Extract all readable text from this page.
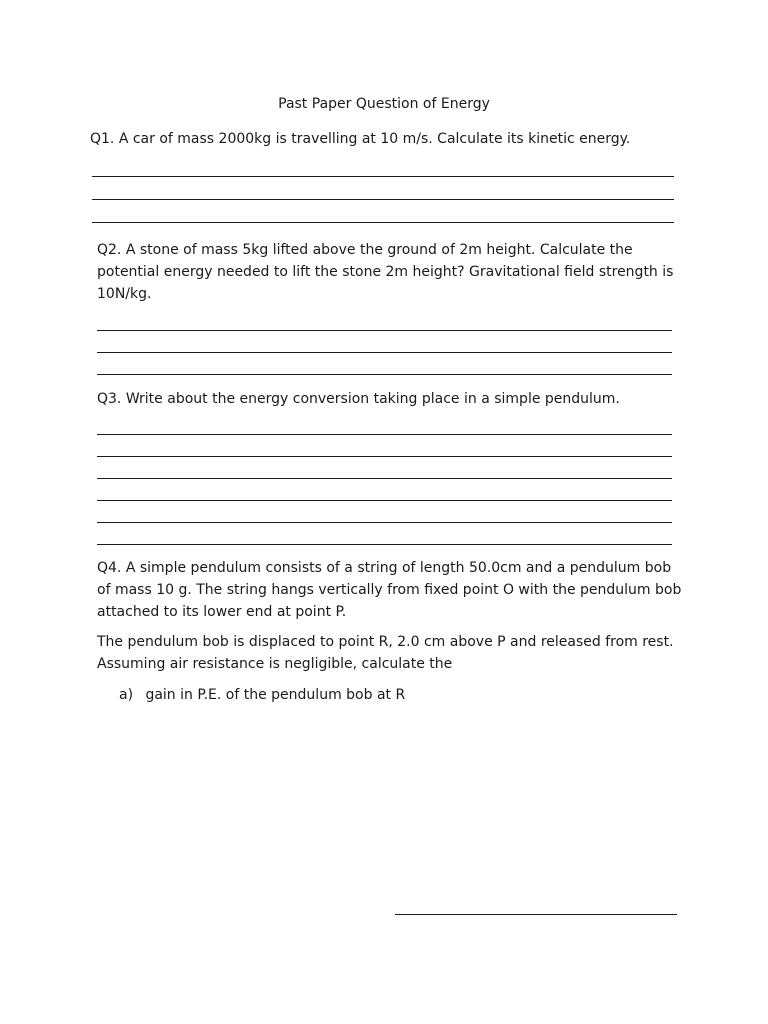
Past Paper Question of Energy

Q1. A car of mass 2000kg is travelling at 10 m/s. Calculate its kinetic energy.

Q2. A stone of mass 5kg lifted above the ground of 2m height. Calculate the potential energy needed to lift the stone 2m height? Gravitational field strength is 10N/kg.

Q3. Write about the energy conversion taking place in a simple pendulum.

Q4. A simple pendulum consists of a string of length 50.0cm and a pendulum bob of mass 10 g. The string hangs vertically from fixed point O with the pendulum bob attached to its lower end at point P.

The pendulum bob is displaced to point R, 2.0 cm above P and released from rest. Assuming air resistance is negligible, calculate the

a) gain in P.E. of the pendulum bob at R
